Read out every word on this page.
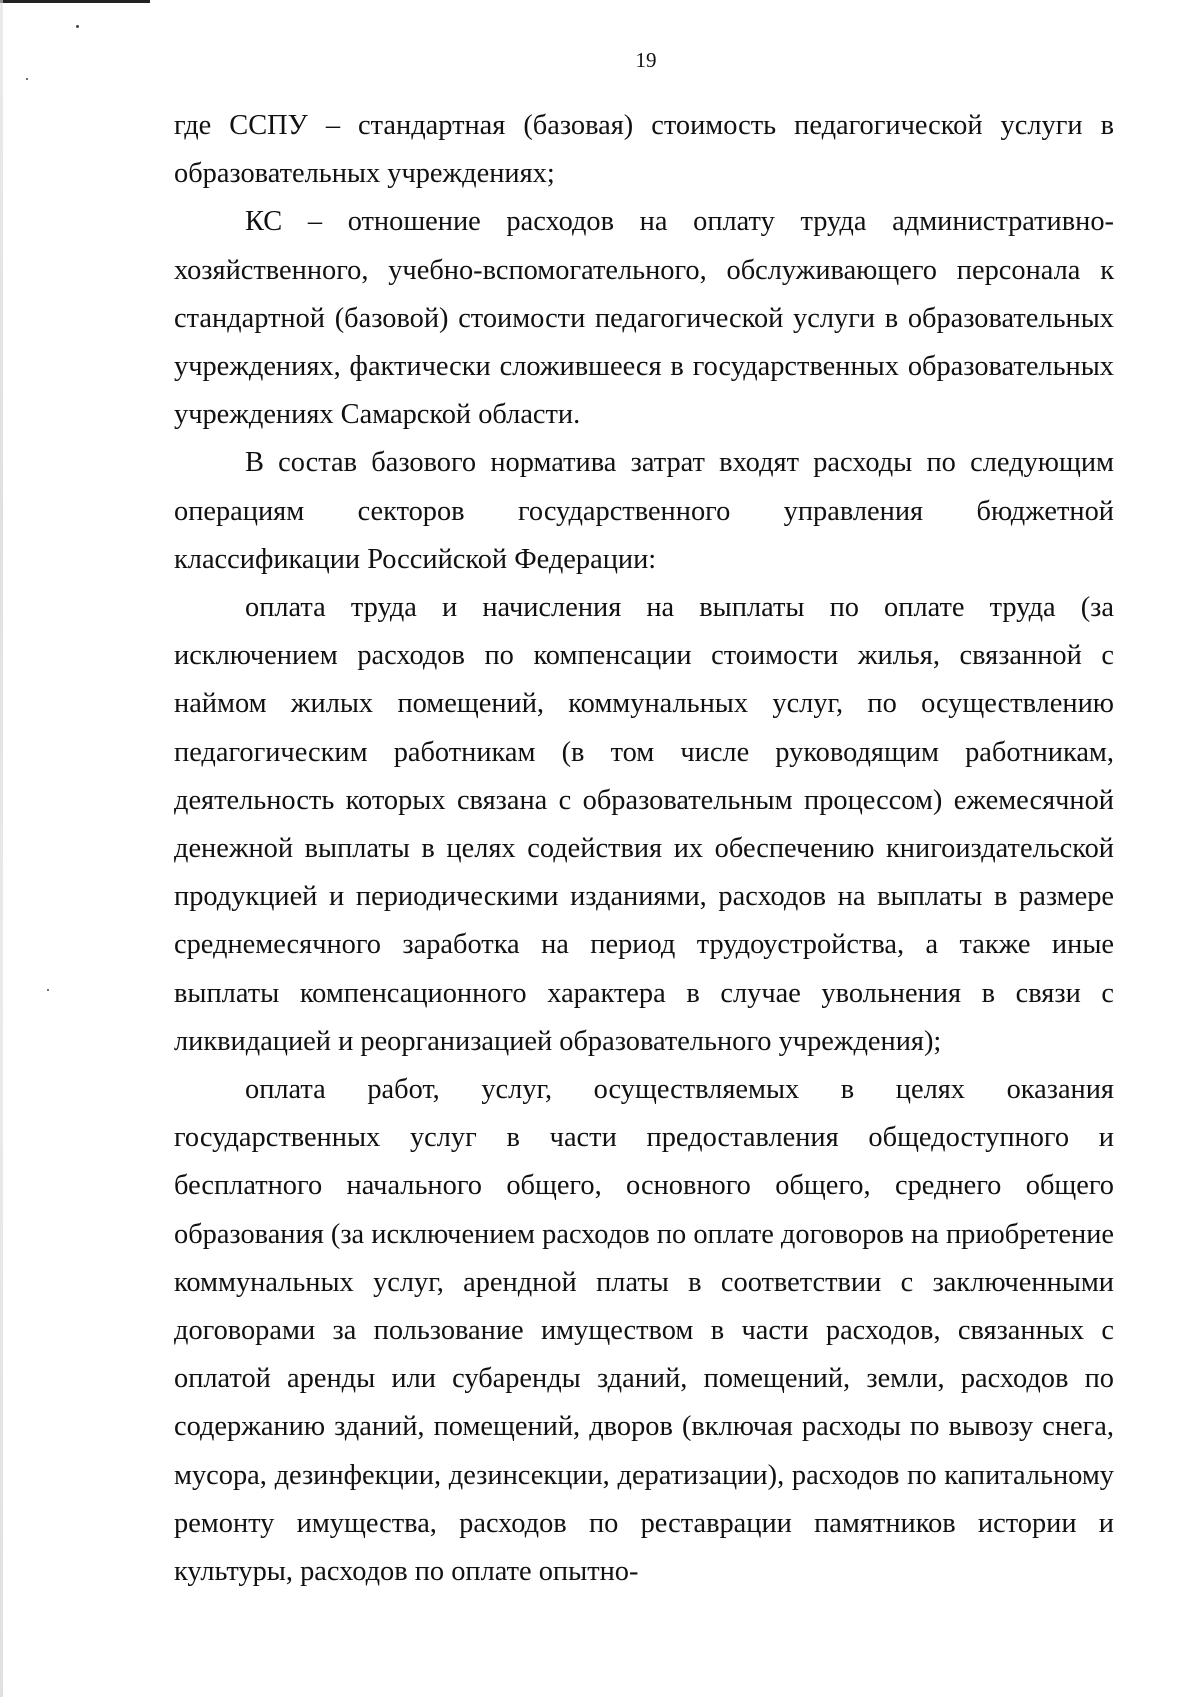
19

где ССПУ – стандартная (базовая) стоимость педагогической услуги в образовательных учреждениях;

КС – отношение расходов на оплату труда административно-хозяйственного, учебно-вспомогательного, обслуживающего персонала к стандартной (базовой) стоимости педагогической услуги в образовательных учреждениях, фактически сложившееся в государственных образовательных учреждениях Самарской области.

В состав базового норматива затрат входят расходы по следующим операциям секторов государственного управления бюджетной классификации Российской Федерации:

оплата труда и начисления на выплаты по оплате труда (за исключением расходов по компенсации стоимости жилья, связанной с наймом жилых помещений, коммунальных услуг, по осуществлению педагогическим работникам (в том числе руководящим работникам, деятельность которых связана с образовательным процессом) ежемесячной денежной выплаты в целях содействия их обеспечению книгоиздательской продукцией и периодическими изданиями, расходов на выплаты в размере среднемесячного заработка на период трудоустройства, а также иные выплаты компенсационного характера в случае увольнения в связи с ликвидацией и реорганизацией образовательного учреждения);

оплата работ, услуг, осуществляемых в целях оказания государственных услуг в части предоставления общедоступного и бесплатного начального общего, основного общего, среднего общего образования (за исключением расходов по оплате договоров на приобретение коммунальных услуг, арендной платы в соответствии с заключенными договорами за пользование имуществом в части расходов, связанных с оплатой аренды или субаренды зданий, помещений, земли, расходов по содержанию зданий, помещений, дворов (включая расходы по вывозу снега, мусора, дезинфекции, дезинсекции, дератизации), расходов по капитальному ремонту имущества, расходов по реставрации памятников истории и культуры, расходов по оплате опытно-
